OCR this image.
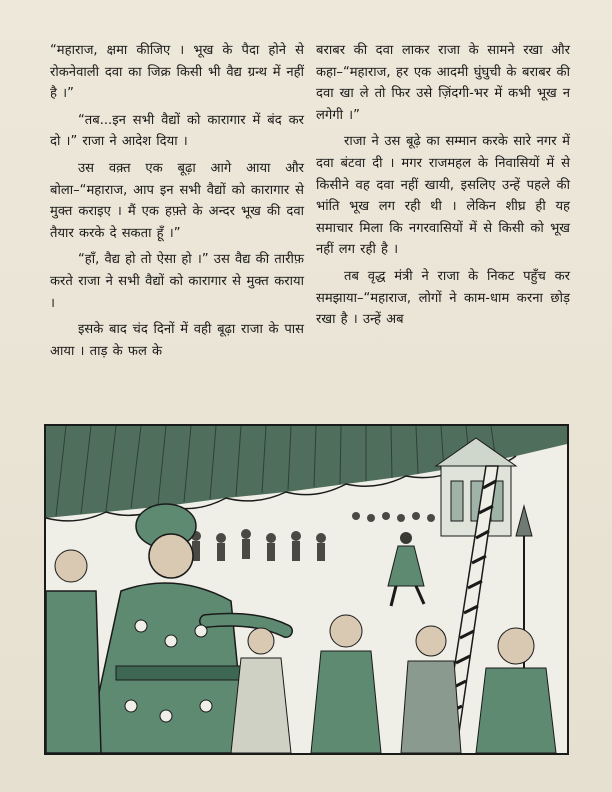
“महाराज, क्षमा कीजिए । भूख के पैदा होने से रोकनेवाली दवा का जिक्र किसी भी वैद्य ग्रन्थ में नहीं है ।”

“तब...इन सभी वैद्यों को कारागार में बंद कर दो ।” राजा ने आदेश दिया ।

उस वक़्त एक बूढ़ा आगे आया और बोला–“महाराज, आप इन सभी वैद्यों को कारागार से मुक्त कराइए । मैं एक हफ़्ते के अन्दर भूख की दवा तैयार करके दे सकता हूँ ।”

“हाँ, वैद्य हो तो ऐसा हो ।” उस वैद्य की तारीफ़ करते राजा ने सभी वैद्यों को कारागार से मुक्त कराया ।

इसके बाद चंद दिनों में वही बूढ़ा राजा के पास आया । ताड़ के फल के

बराबर की दवा लाकर राजा के सामने रखा और कहा–“महाराज, हर एक आदमी घुंघुची के बराबर की दवा खा ले तो फिर उसे ज़िंदगी-भर में कभी भूख न लगेगी ।”

राजा ने उस बूढ़े का सम्मान करके सारे नगर में दवा बंटवा दी । मगर राजमहल के निवासियों में से किसीने वह दवा नहीं खायी, इसलिए उन्हें पहले की भांति भूख लग रही थी । लेकिन शीघ्र ही यह समाचार मिला कि नगरवासियों में से किसी को भूख नहीं लग रही है ।

तब वृद्ध मंत्री ने राजा के निकट पहुँच कर समझाया–“महाराज, लोगों ने काम-धाम करना छोड़ रखा है । उन्हें अब
